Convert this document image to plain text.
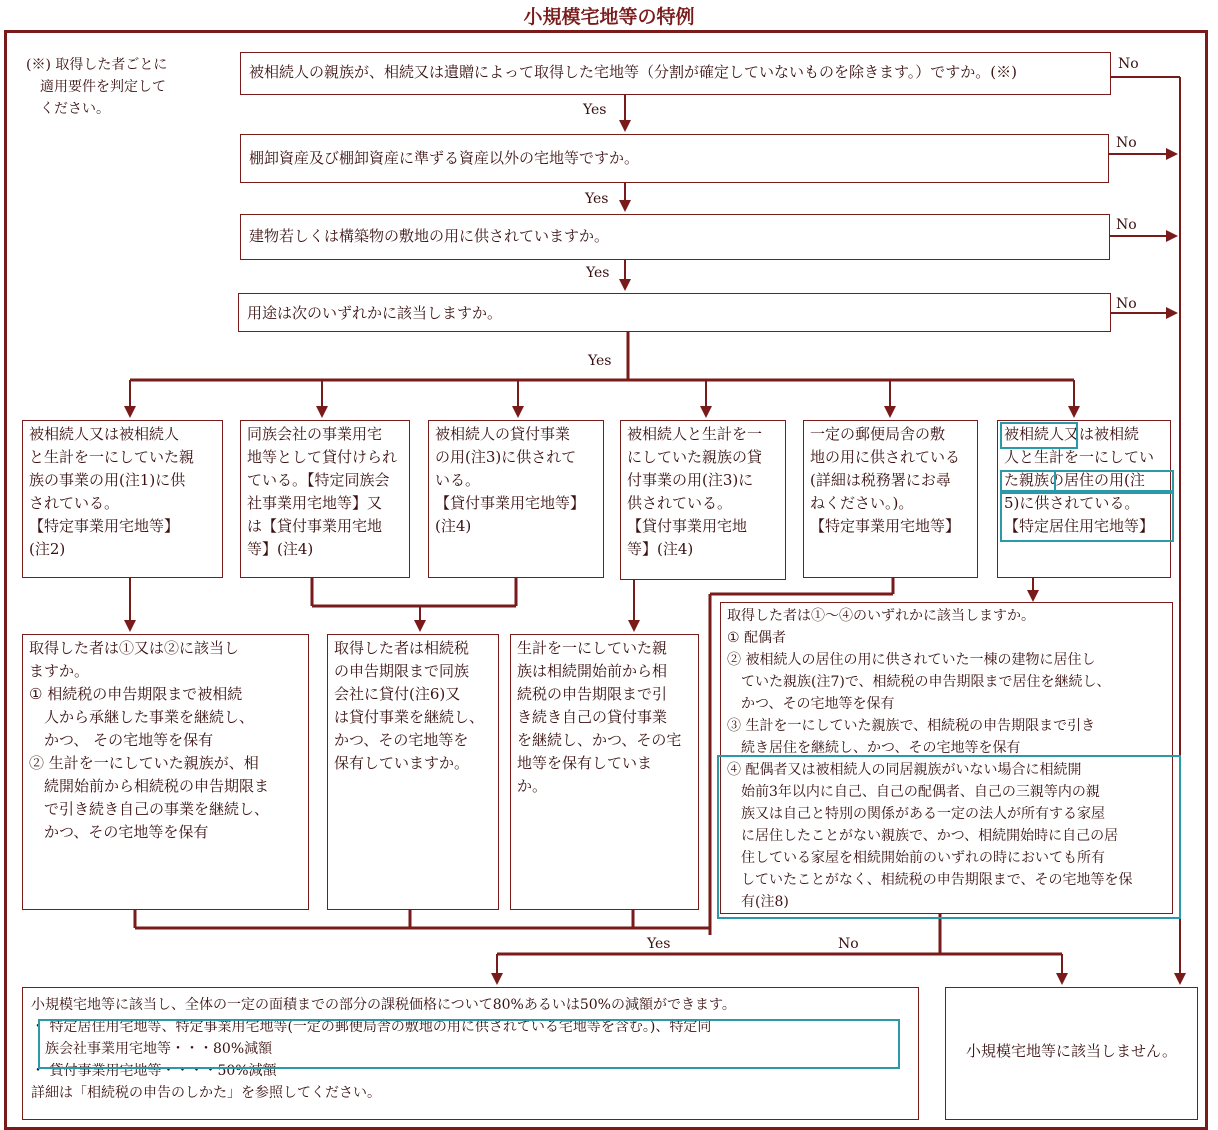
小規模宅地等の特例
(※) 取得した者ごとに
　適用要件を判定して
　ください。
被相続人の親族が、相続又は遺贈によって取得した宅地等（分割が確定していないものを除きます。）ですか。(※)
棚卸資産及び棚卸資産に準ずる資産以外の宅地等ですか。
建物若しくは構築物の敷地の用に供されていますか。
用途は次のいずれかに該当しますか。
Yes
Yes
Yes
Yes
No
No
No
No
被相続人又は被相続人
と生計を一にしていた親
族の事業の用(注1)に供
されている。
【特定事業用宅地等】
(注2)
同族会社の事業用宅
地等として貸付けられ
ている。【特定同族会
社事業用宅地等】又
は【貸付事業用宅地
等】(注4)
被相続人の貸付事業
の用(注3)に供されて
いる。
【貸付事業用宅地等】
(注4)
被相続人と生計を一
にしていた親族の貸
付事業の用(注3)に
供されている。
【貸付事業用宅地
等】(注4)
一定の郵便局舎の敷
地の用に供されている
(詳細は税務署にお尋
ねください。)。
【特定事業用宅地等】
被相続人又は被相続
人と生計を一にしてい
た親族の居住の用(注
5)に供されている。
【特定居住用宅地等】
取得した者は①又は②に該当し
ますか。
① 相続税の申告期限まで被相続
　人から承継した事業を継続し、
　かつ、 その宅地等を保有
② 生計を一にしていた親族が、相
　続開始前から相続税の申告期限ま
　で引き続き自己の事業を継続し、
　かつ、その宅地等を保有
取得した者は相続税
の申告期限まで同族
会社に貸付(注6)又
は貸付事業を継続し、
かつ、その宅地等を
保有していますか。
生計を一にしていた親
族は相続開始前から相
続税の申告期限まで引
き続き自己の貸付事業
を継続し、かつ、その宅
地等を保有していま
か。
取得した者は①～④のいずれかに該当しますか。
① 配偶者
② 被相続人の居住の用に供されていた一棟の建物に居住し
　ていた親族(注7)で、相続税の申告期限まで居住を継続し、
　かつ、その宅地等を保有
③ 生計を一にしていた親族で、相続税の申告期限まで引き
　続き居住を継続し、かつ、その宅地等を保有
④ 配偶者又は被相続人の同居親族がいない場合に相続開
　始前3年以内に自己、自己の配偶者、自己の三親等内の親
　族又は自己と特別の関係がある一定の法人が所有する家屋
　に居住したことがない親族で、かつ、相続開始時に自己の居
　住している家屋を相続開始前のいずれの時においても所有
　していたことがなく、相続税の申告期限まで、その宅地等を保
　有(注8)
Yes	No
小規模宅地等に該当し、全体の一定の面積までの部分の課税価格について80%あるいは50%の減額ができます。
・ 特定居住用宅地等、特定事業用宅地等(一定の郵便局舎の敷地の用に供されている宅地等を含む。)、特定同
　族会社事業用宅地等・・・80%減額
・ 貸付事業用宅地等・・・・50%減額
詳細は「相続税の申告のしかた」を参照してください。
小規模宅地等に該当しません。
